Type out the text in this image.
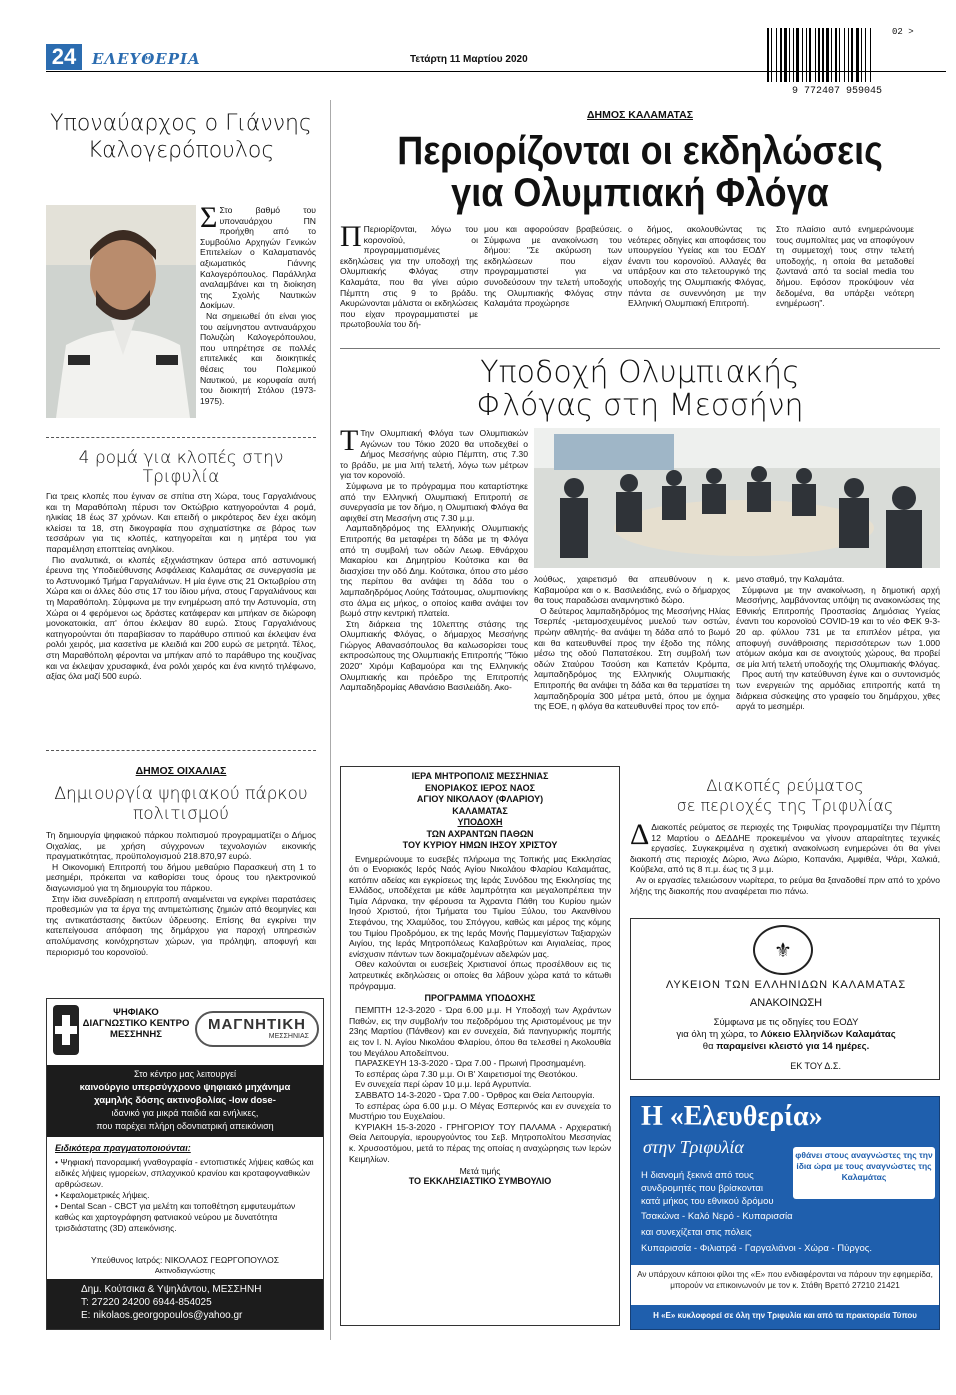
24	ΕΛΕΥΘΕΡΙΑ	Τετάρτη 11 Μαρτίου 2020
02 >
9 772407 959045
Υποναύαρχος ο Γιάννης Καλογερόπουλος

Σ Στο βαθμό του υποναυάρχου ΠΝ προήχθη από το Συμβούλιο Αρχηγών Γενικών Επιτελείων ο Καλαματιανός αξιωματικός Γιάννης Καλογερόπουλος. Παράλληλα αναλαμβάνει και τη διοίκηση της Σχολής Ναυτικών Δοκίμων.

Να σημειωθεί ότι είναι γιος του αείμνηστου αντιναυάρχου Πολυζώη Καλογερόπουλου, που υπηρέτησε σε πολλές επιτελικές και διοικητικές θέσεις του Πολεμικού Ναυτικού, με κορυφαία αυτή του διοικητή Στόλου (1973-1975).

4 ρομά για κλοπές στην Τριφυλία

Για τρεις κλοπές που έγιναν σε σπίτια στη Χώρα, τους Γαργαλιάνους και τη Μαραθόπολη πέρυσι τον Οκτώβριο κατηγορούνται 4 ρομά, ηλικίας 18 έως 37 χρόνων. Και επειδή ο μικρότερος δεν έχει ακόμη κλείσει τα 18, στη δικογραφία που σχηματίστηκε σε βάρος των τεσσάρων για τις κλοπές, κατηγορείται και η μητέρα του για παραμέληση εποπτείας ανηλίκου.

Πιο αναλυτικά, οι κλοπές εξιχνιάστηκαν ύστερα από αστυνομική έρευνα της Υποδιεύθυνσης Ασφάλειας Καλαμάτας σε συνεργασία με το Αστυνομικό Τμήμα Γαργαλιάνων. Η μία έγινε στις 21 Οκτωβρίου στη Χώρα και οι άλλες δύο στις 17 του ίδιου μήνα, στους Γαργαλιάνους και τη Μαραθόπολη. Σύμφωνα με την ενημέρωση από την Αστυνομία, στη Χώρα οι 4 φερόμενοι ως δράστες κατάφεραν και μπήκαν σε διώροφη μονοκατοικία, απ' όπου έκλεψαν 80 ευρώ. Στους Γαργαλιάνους κατηγορούνται ότι παραβίασαν το παράθυρο σπιτιού και έκλεψαν ένα ρολόι χειρός, μια κασετίνα με κλειδιά και 200 ευρώ σε μετρητά. Τέλος, στη Μαραθόπολη φέρονται να μπήκαν από το παράθυρο της κουζίνας και να έκλεψαν χρυσαφικά, ένα ρολόι χειρός και ένα κινητό τηλέφωνο, αξίας όλα μαζί 500 ευρώ.

ΔΗΜΟΣ ΟΙΧΑΛΙΑΣ
Δημιουργία ψηφιακού πάρκου πολιτισμού

Τη δημιουργία ψηφιακού πάρκου πολιτισμού προγραμματίζει ο Δήμος Οιχαλίας, με χρήση σύγχρονων τεχνολογιών εικονικής πραγματικότητας, προϋπολογισμού 218.870,97 ευρώ.

Η Οικονομική Επιτροπή του δήμου μεθαύριο Παρασκευή στη 1 το μεσημέρι, πρόκειται να καθορίσει τους όρους του ηλεκτρονικού διαγωνισμού για τη δημιουργία του πάρκου.

Στην ίδια συνεδρίαση η επιτροπή αναμένεται να εγκρίνει παρατάσεις προθεσμιών για τα έργα της αντιμετώπισης ζημιών από θεομηνίες και της αντικατάστασης δικτύων ύδρευσης. Επίσης θα εγκρίνει την κατεπείγουσα απόφαση της δημάρχου για παροχή υπηρεσιών απολύμανσης κοινόχρηστων χώρων, για πρόληψη, αποφυγή και περιορισμό του κορονοϊού.

ΨΗΦΙΑΚΟ ΔΙΑΓΝΩΣΤΙΚΟ ΚΕΝΤΡΟ ΜΕΣΣΗΝΗΣ
ΜΑΓΝΗΤΙΚΗ
ΜΕΣΣΗΝΙΑΣ
Στο κέντρο μας λειτουργεί
καινούργιο υπερσύγχρονο ψηφιακό μηχάνημα
χαμηλής δόσης ακτινοβολίας -low dose-
ιδανικό για μικρά παιδιά και ενήλικες,
που παρέχει πλήρη οδοντιατρική απεικόνιση
Ειδικότερα πραγματοποιούνται:
• Ψηφιακή πανοραμική γναθογραφία - εντοπιστικές λήψεις καθώς και ειδικές λήψεις ιγμορείων, σπλαχνικού κρανίου και κροταφογναθικών αρθρώσεων.
• Κεφαλομετρικές λήψεις.
• Dental Scan - CBCT για μελέτη και τοποθέτηση εμφυτευμάτων καθώς και χαρτογράφηση φατνιακού νεύρου με δυνατότητα τρισδιάστατης (3D) απεικόνισης.
Υπεύθυνος Ιατρός: ΝΙΚΟΛΑΟΣ ΓΕΩΡΓΟΠΟΥΛΟΣ
Ακτινοδιαγνώστης
Δημ. Κούτσικα & Υψηλάντου, ΜΕΣΣΗΝΗ
Τ: 27220 24200 6944-854025
E: nikolaos.georgopoulos@yahoo.gr
ΔΗΜΟΣ ΚΑΛΑΜΑΤΑΣ
Περιορίζονται οι εκδηλώσεις
για Ολυμπιακή Φλόγα

Π Περιορίζονται, λόγω του κορονοϊού, οι προγραμματισμένες εκδηλώσεις για την υποδοχή της Ολυμπιακής Φλόγας στην Καλαμάτα, που θα γίνει αύριο Πέμπτη στις 9 το βράδυ. Ακυρώνονται μάλιστα οι εκδηλώσεις που είχαν προγραμματιστεί με πρωτοβουλία του δή-

μου και αφορούσαν βραβεύσεις. Σύμφωνα με ανακοίνωση του δήμου: "Σε ακύρωση των εκδηλώσεων που είχαν προγραμματιστεί για να συνοδεύσουν την τελετή υποδοχής της Ολυμπιακής Φλόγας στην Καλαμάτα προχώρησε
ο δήμος, ακολουθώντας τις νεότερες οδηγίες και αποφάσεις του υπουργείου Υγείας και του ΕΟΔΥ έναντι του κορονοϊού. Αλλαγές θα υπάρξουν και στο τελετουργικό της υποδοχής της Ολυμπιακής Φλόγας, πάντα σε συνεννόηση με την Ελληνική Ολυμπιακή Επιτροπή.
Στο πλαίσιο αυτό ενημερώνουμε τους συμπολίτες μας να αποφύγουν τη συμμετοχή τους στην τελετή υποδοχής, η οποία θα μεταδοθεί ζωντανά από τα social media του δήμου. Εφόσον προκύψουν νέα δεδομένα, θα υπάρξει νεότερη ενημέρωση".
Υποδοχή Ολυμπιακής
Φλόγας στη Μεσσήνη

Τ Την Ολυμπιακή Φλόγα των Ολυμπιακών Αγώνων του Τόκιο 2020 θα υποδεχθεί ο Δήμος Μεσσήνης αύριο Πέμπτη, στις 7.30 το βράδυ, με μια λιτή τελετή, λόγω των μέτρων για τον κορονοϊό.

Σύμφωνα με το πρόγραμμα που καταρτίστηκε από την Ελληνική Ολυμπιακή Επιτροπή σε συνεργασία με τον δήμο, η Ολυμπιακή Φλόγα θα αφιχθεί στη Μεσσήνη στις 7.30 μ.μ.

Λαμπαδηδρόμος της Ελληνικής Ολυμπιακής Επιτροπής θα μεταφέρει τη δάδα με τη Φλόγα από τη συμβολή των οδών Λεωφ. Εθνάρχου Μακαρίου και Δημητρίου Κούτσικα και θα διασχίσει την οδό Δημ. Κούτσικα, όπου στο μέσο της περίπου θα ανάψει τη δάδα του ο λαμπαδηδρόμος Λούης Τσάτουμας, ολυμπιονίκης στο άλμα εις μήκος, ο οποίος καιθα ανάψει τον βωμό στην κεντρική πλατεία.

Στη διάρκεια της 10λεπτης στάσης της Ολυμπιακής Φλόγας, ο δήμαρχος Μεσσήνης Γιώργος Αθανασόπουλος θα καλωσορίσει τους εκπροσώπους της Ολυμπιακής Επιτροπής "Τόκιο 2020" Χιρόμι Καβαμούρα και της Ελληνικής Ολυμπιακής και πρόεδρο της Επιτροπής Λαμπαδηδρομίας Αθανάσιο Βασιλειάδη. Ακο-

λούθως, χαιρετισμό θα απευθύνουν η κ. Καβαμούρα και ο κ. Βασιλειάδης, ενώ ο δήμαρχος θα τους παραδώσει αναμνηστικό δώρο.

Ο δεύτερος λαμπαδηδρόμος της Μεσσήνης Ηλίας Τσερπές -μεταμοσχευμένος μυελού των οστών, πρώην αθλητής- θα ανάψει τη δάδα από το βωμό και θα κατευθυνθεί προς την έξοδο της πόλης μέσω της οδού Παπατσέκου. Στη συμβολή των οδών Σταύρου Τσούση και Καπετάν Κρόμπα, λαμπαδηδρόμος της Ελληνικής Ολυμπιακής Επιτροπής θα ανάψει τη δάδα και θα τερματίσει τη λαμπαδηδρομία 300 μέτρα μετά, όπου με όχημα της ΕΟΕ, η φλόγα θα κατευθυνθεί προς τον επό-

μενο σταθμό, την Καλαμάτα.

Σύμφωνα με την ανακοίνωση, η δημοτική αρχή Μεσσήνης, λαμβάνοντας υπόψη τις ανακοινώσεις της Εθνικής Επιτροπής Προστασίας Δημόσιας Υγείας έναντι του κορονοϊού COVID-19 και το νέο ΦΕΚ 9-3-20 αρ. φύλλου 731 με τα επιπλέον μέτρα, για αποφυγή συνάθροισης περισσότερων των 1.000 ατόμων ακόμα και σε ανοιχτούς χώρους, θα προβεί σε μία λιτή τελετή υποδοχής της Ολυμπιακής Φλόγας.

Προς αυτή την κατεύθυνση έγινε και ο συντονισμός των ενεργειών της αρμόδιας επιτροπής κατά τη διάρκεια σύσκεψης στο γραφείο του δημάρχου, χθες αργά το μεσημέρι.

ΙΕΡΑ ΜΗΤΡΟΠΟΛΙΣ ΜΕΣΣΗΝΙΑΣ
ΕΝΟΡΙΑΚΟΣ ΙΕΡΟΣ ΝΑΟΣ
ΑΓΙΟΥ ΝΙΚΟΛΑΟΥ (ΦΛΑΡΙΟΥ)
ΚΑΛΑΜΑΤΑΣ
ΥΠΟΔΟΧΗ
ΤΩΝ ΑΧΡΑΝΤΩΝ ΠΑΘΩΝ
ΤΟΥ ΚΥΡΙΟΥ ΗΜΩΝ ΙΗΣΟΥ ΧΡΙΣΤΟΥ

Ενημερώνουμε το ευσεβές πλήρωμα της Τοπικής μας Εκκλησίας ότι ο Ενοριακός Ιερός Ναός Αγίου Νικολάου Φλαρίου Καλαμάτας, κατόπιν αδείας και εγκρίσεως της Ιεράς Συνόδου της Εκκλησίας της Ελλάδος, υποδέχεται με κάθε λαμπρότητα και μεγαλοπρέπεια την Τιμία Λάρνακα, την φέρουσα τα Άχραντα Πάθη του Κυρίου ημών Ιησού Χριστού, ήτοι Τμήματα του Τιμίου Ξύλου, του Ακανθίνου Στεφάνου, της Χλαμύδος, του Σπόγγου, καθώς και μέρος της κόμης του Τιμίου Προδρόμου, εκ της Ιεράς Μονής Παμμεγίστων Ταξιαρχών Αιγίου, της Ιεράς Μητροπόλεως Καλαβρύτων και Αιγιαλείας, προς ενίσχυσιν πάντων των δοκιμαζομένων αδελφών μας.

Οθεν καλούνται οι ευσεβείς Χριστιανοί όπως προσέλθουν εις τις λατρευτικές εκδηλώσεις οι οποίες θα λάβουν χώρα κατά το κάτωθι πρόγραμμα.

ΠΡΟΓΡΑΜΜΑ ΥΠΟΔΟΧΗΣ

ΠΕΜΠΤΗ 12-3-2020 - Ώρα 6.00 μ.μ. Η Υποδοχή των Αχράντων Παθών, εις την συμβολήν του πεζοδρόμου της Αριστομένους με την 23ης Μαρτίου (Πάνθεον) και εν συνεχεία, διά πανηγυρικής πομπής εις τον Ι. Ν. Αγίου Νικολάου Φλαρίου, όπου θα τελεσθεί η Ακολουθία του Μεγάλου Αποδείπνου.

ΠΑΡΑΣΚΕΥΗ 13-3-2020 - Ώρα 7.00 - Πρωινή Προσημαμένη.

Το εσπέρας ώρα 7.30 μ.μ. Οι Β' Χαιρετισμοί της Θεοτόκου.

Εν συνεχεία περί ώραν 10 μ.μ. Ιερά Αγρυπνία.

ΣΑΒΒΑΤΟ 14-3-2020 - Ώρα 7.00 - Όρθρος και Θεία Λειτουργία.

Το εσπέρας ώρα 6.00 μ.μ. Ο Μέγας Εσπερινός και εν συνεχεία το Μυστήριο του Ευχελαίου.

ΚΥΡΙΑΚΗ 15-3-2020 - ΓΡΗΓΟΡΙΟΥ ΤΟΥ ΠΑΛΑΜΑ - Αρχιερατική Θεία Λειτουργία, ιερουργούντος του Σεβ. Μητροπολίτου Μεσσηνίας κ. Χρυσοστόμου, μετά το πέρας της οποίας η αναχώρησις των Ιερών Κειμηλίων.

Μετά τιμής
ΤΟ ΕΚΚΛΗΣΙΑΣΤΙΚΟ ΣΥΜΒΟΥΛΙΟ
Διακοπές ρεύματος
σε περιοχές της Τριφυλίας

Δ Διακοπές ρεύματος σε περιοχές της Τριφυλίας προγραμματίζει την Πέμπτη 12 Μαρτίου ο ΔΕΔΔΗΕ προκειμένου να γίνουν απαραίτητες τεχνικές εργασίες. Συγκεκριμένα η σχετική ανακοίνωση ενημερώνει ότι θα γίνει διακοπή στις περιοχές Δώριο, Άνω Δώριο, Κοπανάκι, Αμφιθέα, Ψάρι, Χαλκιά, Κούβελα, από τις 8 π.μ. έως τις 3 μ.μ.

Αν οι εργασίες τελειώσουν νωρίτερα, το ρεύμα θα ξαναδοθεί πριν από το χρόνο λήξης της διακοπής που αναφέρεται πιο πάνω.

⚜
ΛΥΚΕΙΟΝ ΤΩΝ ΕΛΛΗΝΙΔΩΝ ΚΑΛΑΜΑΤΑΣ
ΑΝΑΚΟΙΝΩΣΗ
Σύμφωνα με τις οδηγίες του ΕΟΔΥ
για όλη τη χώρα, το Λύκειο Ελληνίδων Καλαμάτας
θα παραμείνει κλειστό για 14 ημέρες.
ΕΚ ΤΟΥ Δ.Σ.
Η «Ελευθερία»
στην Τριφυλία	φθάνει στους αναγνώστες της την ίδια ώρα με τους αναγνώστες της Καλαμάτας
Η διανομή ξεκινά από τους
συνδρομητές που βρίσκονται
κατά μήκος του εθνικού δρόμου
Τσακώνα - Καλό Νερό - Κυπαρισσία
και συνεχίζεται στις πόλεις
Κυπαρισσία - Φιλιατρά - Γαργαλιάνοι - Χώρα - Πύργος.
Αν υπάρχουν κάποιοι φίλοι της «Ε» που ενδιαφέρονται να πάρουν την εφημερίδα, μπορούν να επικοινωνούν με τον κ. Στάθη Βρεττό 27210 21421
Η «Ε» κυκλοφορεί σε όλη την Τριφυλία και από τα πρακτορεία Τύπου
